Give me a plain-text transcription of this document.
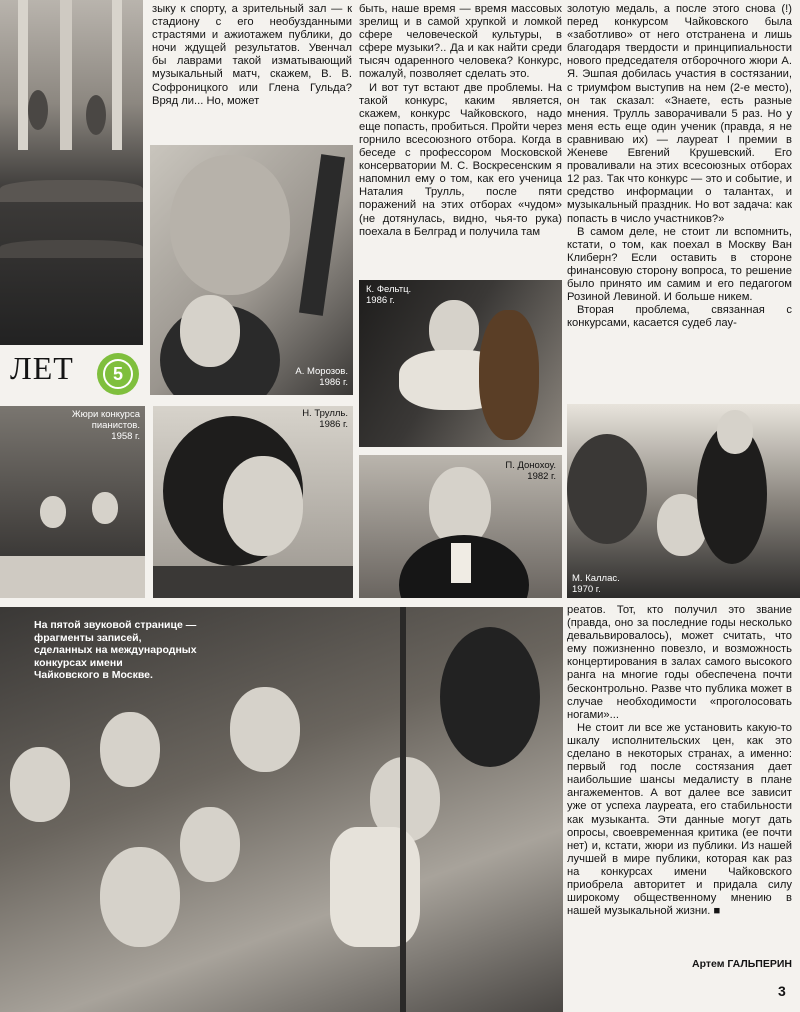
А. Морозов.
1986 г.
К. Фельтц.
1986 г.
Жюри конкурса
пианистов.
1958 г.
Н. Трулль.
1986 г.
П. Донохоу.
1982 г.
М. Каллас.
1970 г.
На пятой звуковой странице —
фрагменты записей,
сделанных на международных
конкурсах имени
Чайковского в Москве.
ЛЕТ	5

зыку к спорту, а зрительный зал — к стадиону с его необузданными страстями и ажиотажем публики, до ночи ждущей результатов. Увенчал бы лаврами такой изматывающий музыкальный матч, скажем, В. В. Софроницкого или Глена Гульда? Вряд ли... Но, может

быть, наше время — время массовых зрелищ и в самой хрупкой и ломкой сфере человеческой культуры, в сфере музыки?.. Да и как найти среди тысяч одаренного человека? Конкурс, пожалуй, позволяет сделать это.

И вот тут встают две проблемы. На такой конкурс, каким является, скажем, конкурс Чайковского, надо еще попасть, пробиться. Пройти через горнило всесоюзного отбора. Когда в беседе с профессором Московской консерватории М. С. Воскресенским я напомнил ему о том, как его ученица Наталия Трулль, после пяти поражений на этих отборах «чудом» (не дотянулась, видно, чья-то рука) поехала в Белград и получила там

золотую медаль, а после этого снова (!) перед конкурсом Чайковского была «заботливо» от него отстранена и лишь благодаря твердости и принципиальности нового председателя отборочного жюри А. Я. Эшпая добилась участия в состязании, с триумфом выступив на нем (2-е место), он так сказал: «Знаете, есть разные мнения. Трулль заворачивали 5 раз. Но у меня есть еще один ученик (правда, я не сравниваю их) — лауреат I премии в Женеве Евгений Крушевский. Его проваливали на этих всесоюзных отборах 12 раз. Так что конкурс — это и событие, и средство информации о талантах, и музыкальный праздник. Но вот задача: как попасть в число участников?»

В самом деле, не стоит ли вспомнить, кстати, о том, как поехал в Москву Ван Клиберн? Если оставить в стороне финансовую сторону вопроса, то решение было принято им самим и его педагогом Розиной Левиной. И больше никем.

Вторая проблема, связанная с конкурсами, касается судеб лау-

реатов. Тот, кто получил это звание (правда, оно за последние годы несколько девальвировалось), может считать, что ему пожизненно повезло, и возможность концертирования в залах самого высокого ранга на многие годы обеспечена почти бесконтрольно. Разве что публика может в случае необходимости «проголосовать ногами»...

Не стоит ли все же установить какую-то шкалу исполнительских цен, как это сделано в некоторых странах, а именно: первый год после состязания дает наибольшие шансы медалисту в плане ангажементов. А вот далее все зависит уже от успеха лауреата, его стабильности как музыканта. Эти данные могут дать опросы, своевременная критика (ее почти нет) и, кстати, жюри из публики. Из нашей лучшей в мире публики, которая как раз на конкурсах имени Чайковского приобрела авторитет и придала силу широкому общественному мнению в нашей музыкальной жизни. ■

Артем ГАЛЬПЕРИН
3
